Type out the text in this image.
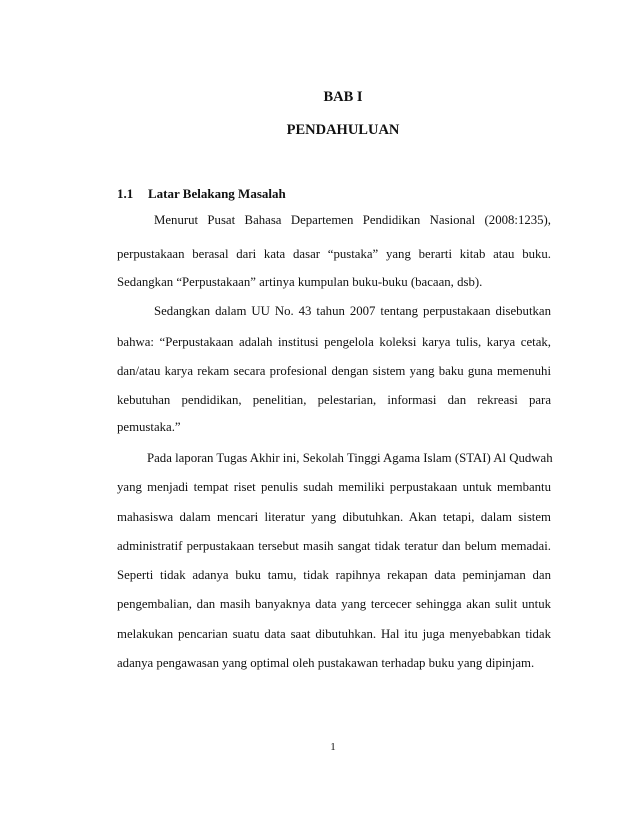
BAB I
PENDAHULUAN
1.1 Latar Belakang Masalah
Menurut Pusat Bahasa Departemen Pendidikan Nasional (2008:1235),
perpustakaan berasal dari kata dasar “pustaka” yang berarti kitab atau buku.
Sedangkan “Perpustakaan” artinya kumpulan buku-buku (bacaan, dsb).
Sedangkan dalam UU No. 43 tahun 2007 tentang perpustakaan disebutkan
bahwa: “Perpustakaan adalah institusi pengelola koleksi karya tulis, karya cetak,
dan/atau karya rekam secara profesional dengan sistem yang baku guna memenuhi
kebutuhan pendidikan, penelitian, pelestarian, informasi dan rekreasi para
pemustaka.”
Pada laporan Tugas Akhir ini, Sekolah Tinggi Agama Islam (STAI) Al Qudwah
yang menjadi tempat riset penulis sudah memiliki perpustakaan untuk membantu
mahasiswa dalam mencari literatur yang dibutuhkan. Akan tetapi, dalam sistem
administratif perpustakaan tersebut masih sangat tidak teratur dan belum memadai.
Seperti tidak adanya buku tamu, tidak rapihnya rekapan data peminjaman dan
pengembalian, dan masih banyaknya data yang tercecer sehingga akan sulit untuk
melakukan pencarian suatu data saat dibutuhkan. Hal itu juga menyebabkan tidak
adanya pengawasan yang optimal oleh pustakawan terhadap buku yang dipinjam.
1
